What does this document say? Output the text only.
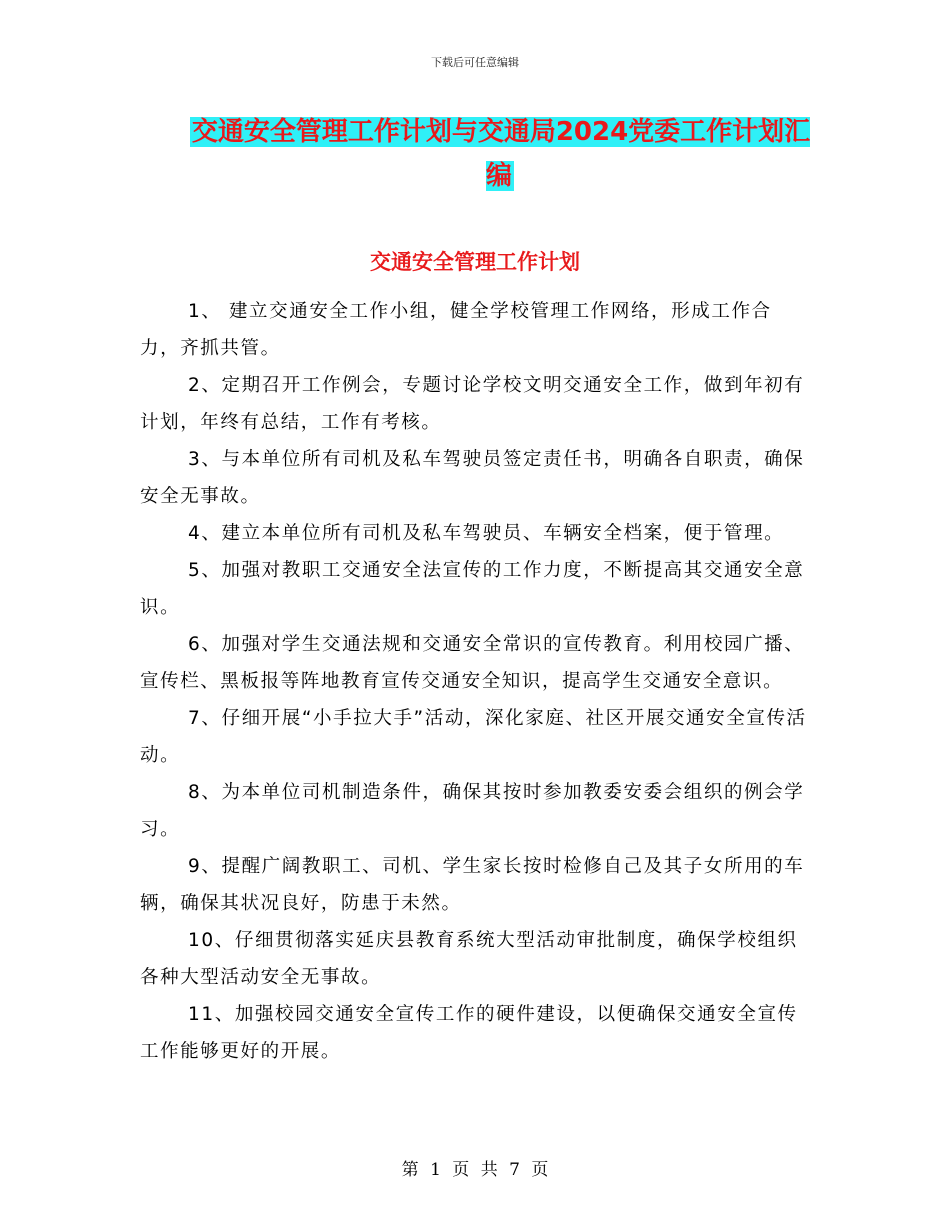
下载后可任意编辑
交通安全管理工作计划与交通局2024党委工作计划汇编
交通安全管理工作计划

1、 建立交通安全工作小组，健全学校管理工作网络，形成工作合力，齐抓共管。

2、定期召开工作例会，专题讨论学校文明交通安全工作，做到年初有计划，年终有总结，工作有考核。

3、与本单位所有司机及私车驾驶员签定责任书，明确各自职责，确保安全无事故。

4、建立本单位所有司机及私车驾驶员、车辆安全档案，便于管理。

5、加强对教职工交通安全法宣传的工作力度，不断提高其交通安全意识。

6、加强对学生交通法规和交通安全常识的宣传教育。利用校园广播、宣传栏、黑板报等阵地教育宣传交通安全知识，提高学生交通安全意识。

7、仔细开展“小手拉大手”活动，深化家庭、社区开展交通安全宣传活动。

8、为本单位司机制造条件，确保其按时参加教委安委会组织的例会学习。

9、提醒广阔教职工、司机、学生家长按时检修自己及其子女所用的车辆，确保其状况良好，防患于未然。

10、仔细贯彻落实延庆县教育系统大型活动审批制度，确保学校组织各种大型活动安全无事故。

11、加强校园交通安全宣传工作的硬件建设，以便确保交通安全宣传工作能够更好的开展。

第 1 页 共 7 页
